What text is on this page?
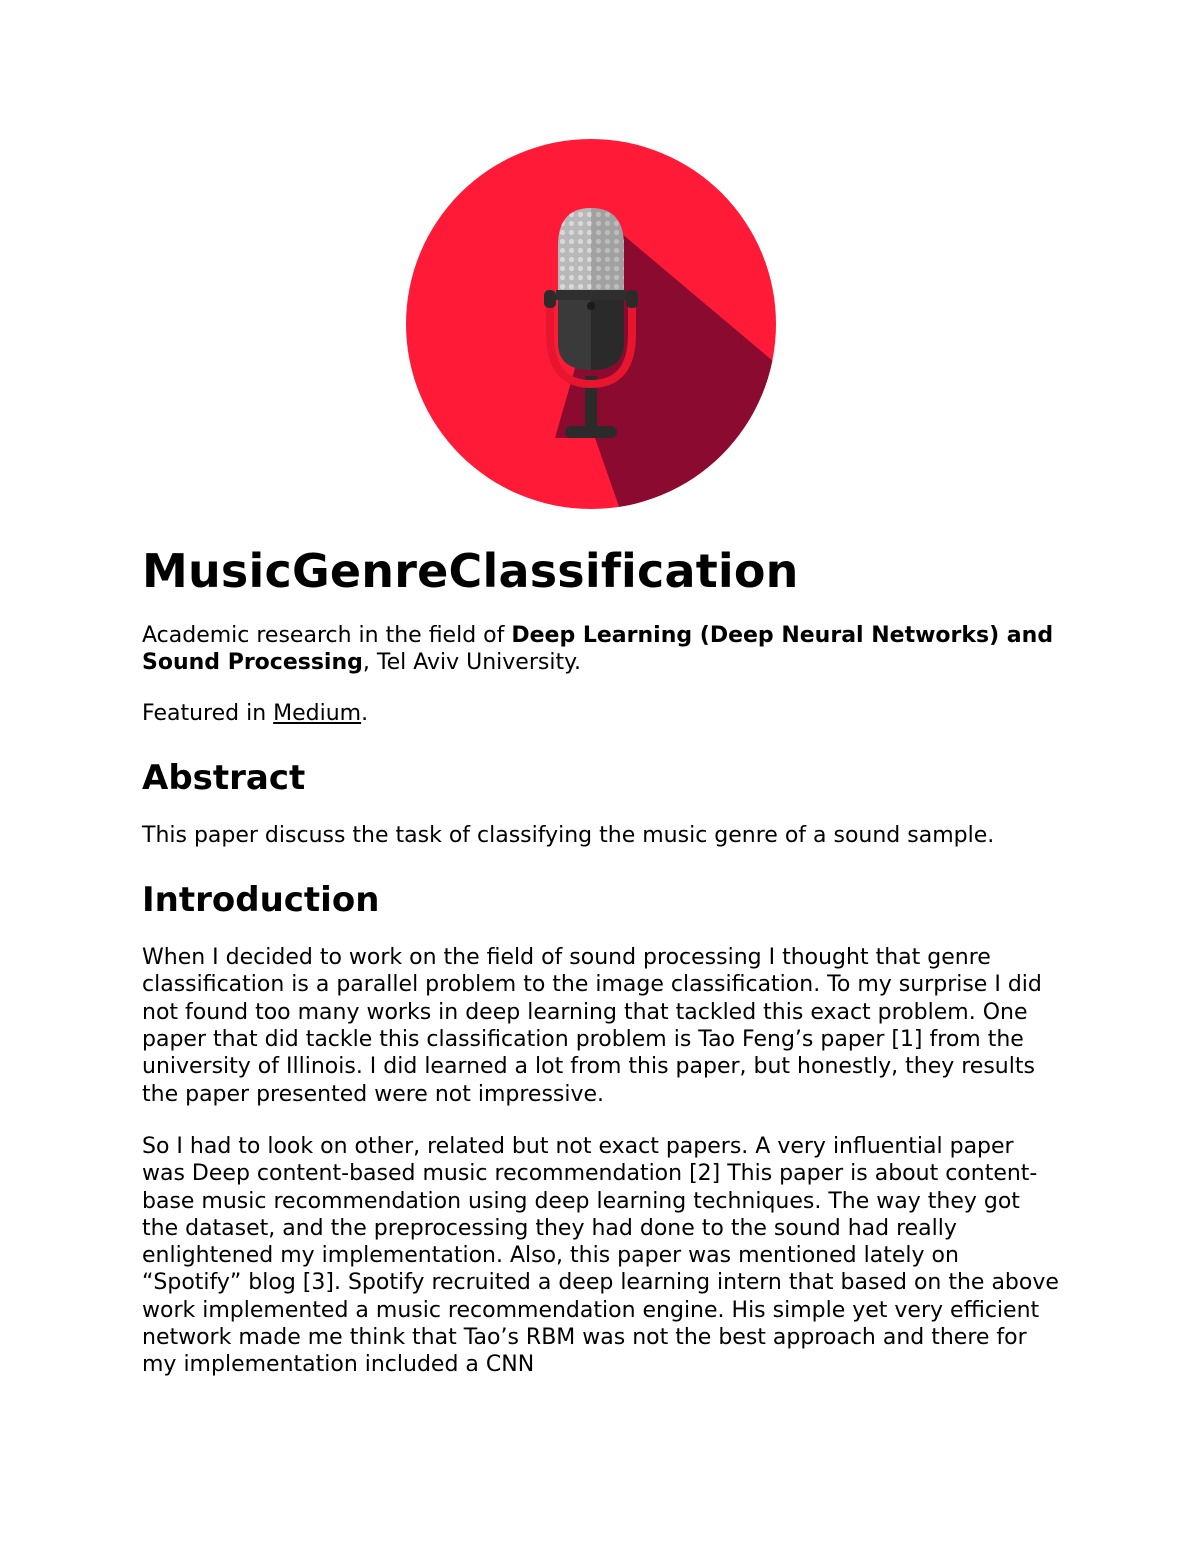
MusicGenreClassification

Academic research in the field of Deep Learning (Deep Neural Networks) and Sound Processing, Tel Aviv University.

Featured in Medium.

Abstract

This paper discuss the task of classifying the music genre of a sound sample.

Introduction

When I decided to work on the field of sound processing I thought that genre classification is a parallel problem to the image classification. To my surprise I did not found too many works in deep learning that tackled this exact problem. One paper that did tackle this classification problem is Tao Feng’s paper [1] from the university of Illinois. I did learned a lot from this paper, but honestly, they results the paper presented were not impressive.

So I had to look on other, related but not exact papers. A very influential paper was Deep content-based music recommendation [2] This paper is about content-base music recommendation using deep learning techniques. The way they got the dataset, and the preprocessing they had done to the sound had really enlightened my implementation. Also, this paper was mentioned lately on “Spotify” blog [3]. Spotify recruited a deep learning intern that based on the above work implemented a music recommendation engine. His simple yet very efficient network made me think that Tao’s RBM was not the best approach and there for my implementation included a CNN
